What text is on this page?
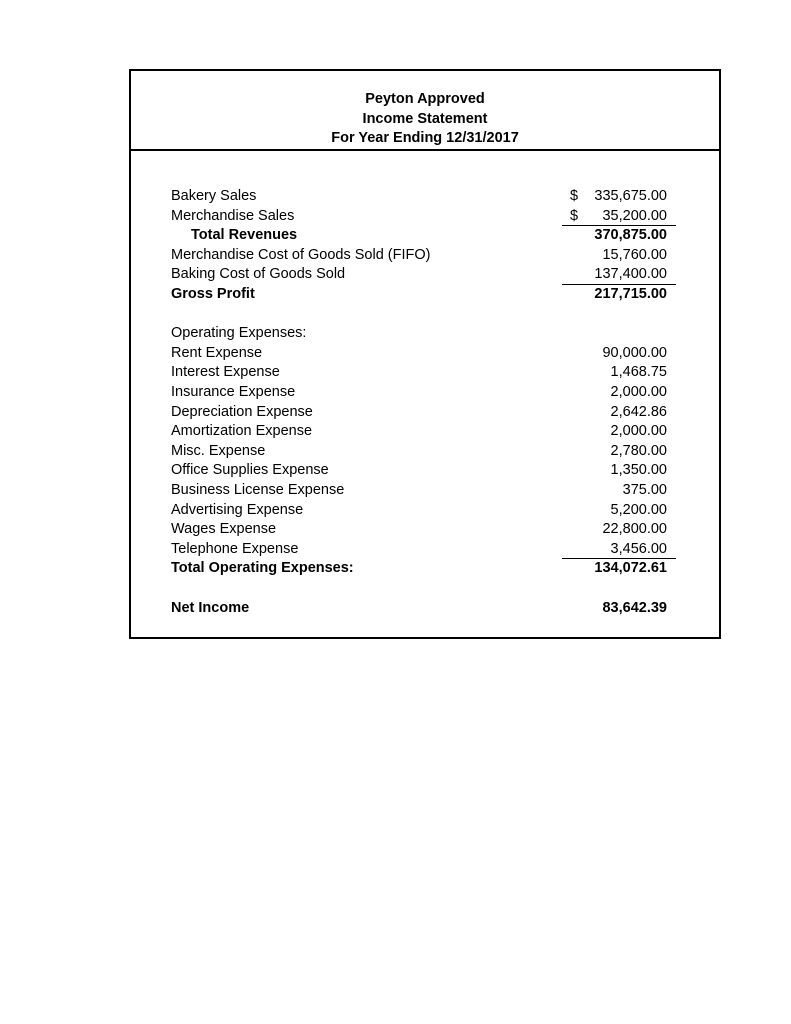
Peyton Approved
Income Statement
For Year Ending 12/31/2017
Bakery Sales	$ 335,675.00
Merchandise Sales	$ 35,200.00
Total Revenues	370,875.00
Merchandise Cost of Goods Sold (FIFO)	15,760.00
Baking Cost of Goods Sold	137,400.00
Gross Profit	217,715.00
Operating Expenses:
Rent Expense	90,000.00
Interest Expense	1,468.75
Insurance Expense	2,000.00
Depreciation Expense	2,642.86
Amortization Expense	2,000.00
Misc. Expense	2,780.00
Office Supplies Expense	1,350.00
Business License Expense	375.00
Advertising Expense	5,200.00
Wages Expense	22,800.00
Telephone Expense	3,456.00
Total Operating Expenses:	134,072.61
Net Income	83,642.39
